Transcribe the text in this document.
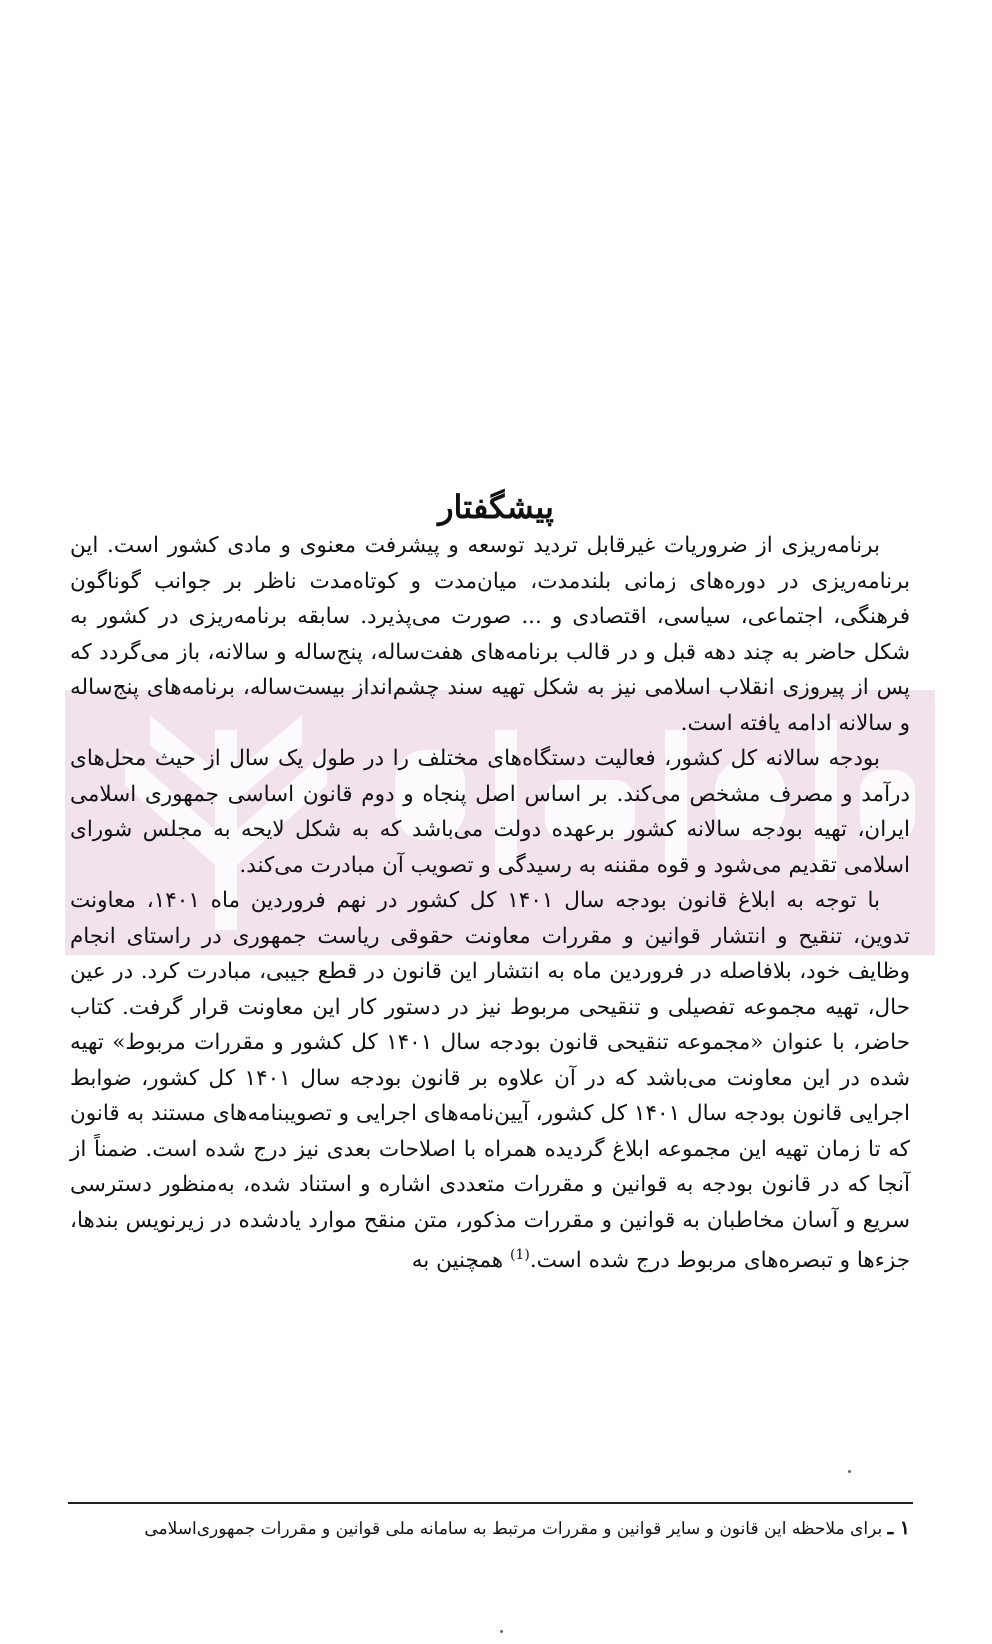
پیشگفتار

برنامه‌ریزی از ضروریات غیرقابل تردید توسعه و پیشرفت معنوی و مادی کشور است. این برنامه‌ریزی در دوره‌های زمانی بلندمدت، میان‌مدت و کوتاه‌مدت ناظر بر جوانب گوناگون فرهنگی، اجتماعی، سیاسی، اقتصادی و ... صورت می‌پذیرد. سابقه برنامه‌ریزی در کشور به شکل حاضر به چند دهه قبل و در قالب برنامه‌های هفت‌ساله، پنج‌ساله و سالانه، باز می‌گردد که پس از پیروزی انقلاب اسلامی نیز به شکل تهیه سند چشم‌انداز بیست‌ساله، برنامه‌های پنج‌ساله و سالانه ادامه یافته است.

بودجه سالانه کل کشور، فعالیت دستگاه‌های مختلف را در طول یک سال از حیث محل‌های درآمد و مصرف مشخص می‌کند. بر اساس اصل پنجاه و دوم قانون اساسی جمهوری اسلامی ایران، تهیه بودجه سالانه کشور برعهده دولت می‌باشد که به شکل لایحه به مجلس شورای اسلامی تقدیم می‌شود و قوه مقننه به رسیدگی و تصویب آن مبادرت می‌کند.

با توجه به ابلاغ قانون بودجه سال ۱۴۰۱ کل کشور در نهم فروردین ماه ۱۴۰۱، معاونت تدوین، تنقیح و انتشار قوانین و مقررات معاونت حقوقی ریاست جمهوری در راستای انجام وظایف خود، بلافاصله در فروردین ماه به انتشار این قانون در قطع جیبی، مبادرت کرد. در عین حال، تهیه مجموعه تفصیلی و تنقیحی مربوط نیز در دستور کار این معاونت قرار گرفت. کتاب حاضر، با عنوان «مجموعه تنقیحی قانون بودجه سال ۱۴۰۱ کل کشور و مقررات مربوط» تهیه شده در این معاونت می‌باشد که در آن علاوه بر قانون بودجه سال ۱۴۰۱ کل کشور، ضوابط اجرایی قانون بودجه سال ۱۴۰۱ کل کشور، آیین‌نامه‌های اجرایی و تصویبنامه‌های مستند به قانون که تا زمان تهیه این مجموعه ابلاغ گردیده همراه با اصلاحات بعدی نیز درج شده است. ضمناً از آنجا که در قانون بودجه به قوانین و مقررات متعددی اشاره و استناد شده، به‌منظور دسترسی سریع و آسان مخاطبان به قوانین و مقررات مذکور، متن منقح موارد یادشده در زیرنویس بندها، جزءها و تبصره‌های مربوط درج شده است.$^{(1)}$ همچنین به

۱ ـ برای ملاحظه این قانون و سایر قوانین و مقررات مرتبط به سامانه ملی قوانین و مقررات جمهوری‌اسلامی
